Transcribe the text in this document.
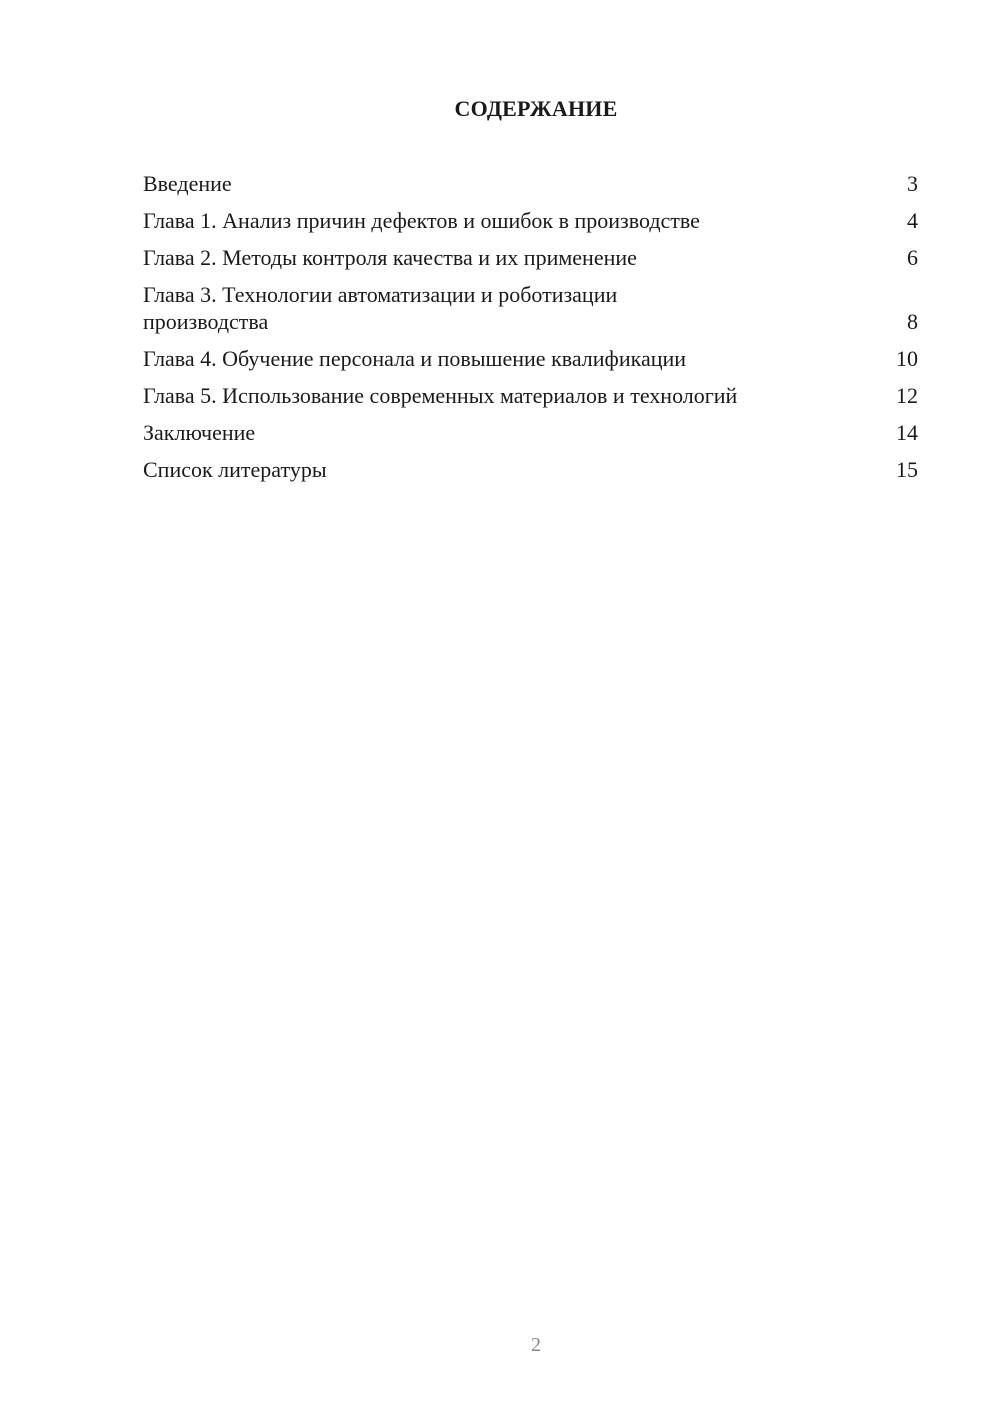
СОДЕРЖАНИЕ
Введение	3
Глава 1. Анализ причин дефектов и ошибок в производстве	4
Глава 2. Методы контроля качества и их применение	6
Глава 3. Технологии автоматизации и роботизации производства	8
Глава 4. Обучение персонала и повышение квалификации	10
Глава 5. Использование современных материалов и технологий	12
Заключение	14
Список литературы	15
2
